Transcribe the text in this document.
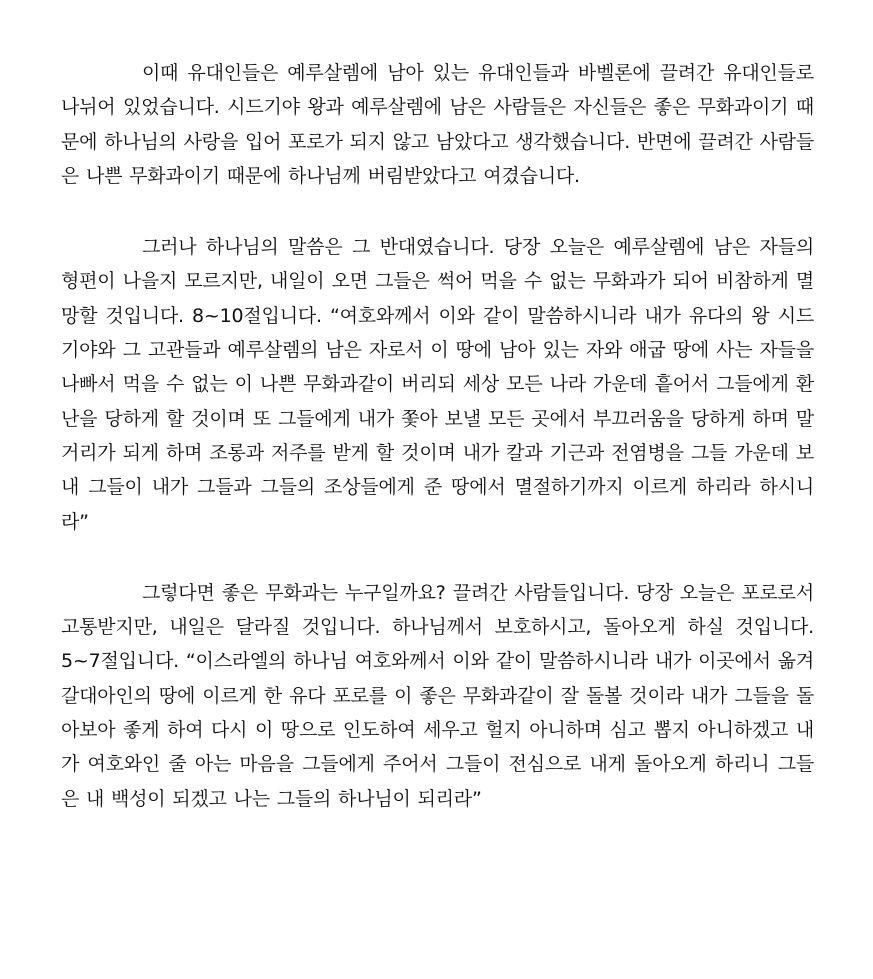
이때 유대인들은 예루살렘에 남아 있는 유대인들과 바벨론에 끌려간 유대인들로 나뉘어 있었습니다. 시드기야 왕과 예루살렘에 남은 사람들은 자신들은 좋은 무화과이기 때문에 하나님의 사랑을 입어 포로가 되지 않고 남았다고 생각했습니다. 반면에 끌려간 사람들은 나쁜 무화과이기 때문에 하나님께 버림받았다고 여겼습니다.

그러나 하나님의 말씀은 그 반대였습니다. 당장 오늘은 예루살렘에 남은 자들의 형편이 나을지 모르지만, 내일이 오면 그들은 썩어 먹을 수 없는 무화과가 되어 비참하게 멸망할 것입니다. 8~10절입니다. “여호와께서 이와 같이 말씀하시니라 내가 유다의 왕 시드기야와 그 고관들과 예루살렘의 남은 자로서 이 땅에 남아 있는 자와 애굽 땅에 사는 자들을 나빠서 먹을 수 없는 이 나쁜 무화과같이 버리되 세상 모든 나라 가운데 흩어서 그들에게 환난을 당하게 할 것이며 또 그들에게 내가 쫓아 보낼 모든 곳에서 부끄러움을 당하게 하며 말거리가 되게 하며 조롱과 저주를 받게 할 것이며 내가 칼과 기근과 전염병을 그들 가운데 보내 그들이 내가 그들과 그들의 조상들에게 준 땅에서 멸절하기까지 이르게 하리라 하시니라”

그렇다면 좋은 무화과는 누구일까요? 끌려간 사람들입니다. 당장 오늘은 포로로서 고통받지만, 내일은 달라질 것입니다. 하나님께서 보호하시고, 돌아오게 하실 것입니다. 5~7절입니다. “이스라엘의 하나님 여호와께서 이와 같이 말씀하시니라 내가 이곳에서 옮겨 갈대아인의 땅에 이르게 한 유다 포로를 이 좋은 무화과같이 잘 돌볼 것이라 내가 그들을 돌아보아 좋게 하여 다시 이 땅으로 인도하여 세우고 헐지 아니하며 심고 뽑지 아니하겠고 내가 여호와인 줄 아는 마음을 그들에게 주어서 그들이 전심으로 내게 돌아오게 하리니 그들은 내 백성이 되겠고 나는 그들의 하나님이 되리라”
